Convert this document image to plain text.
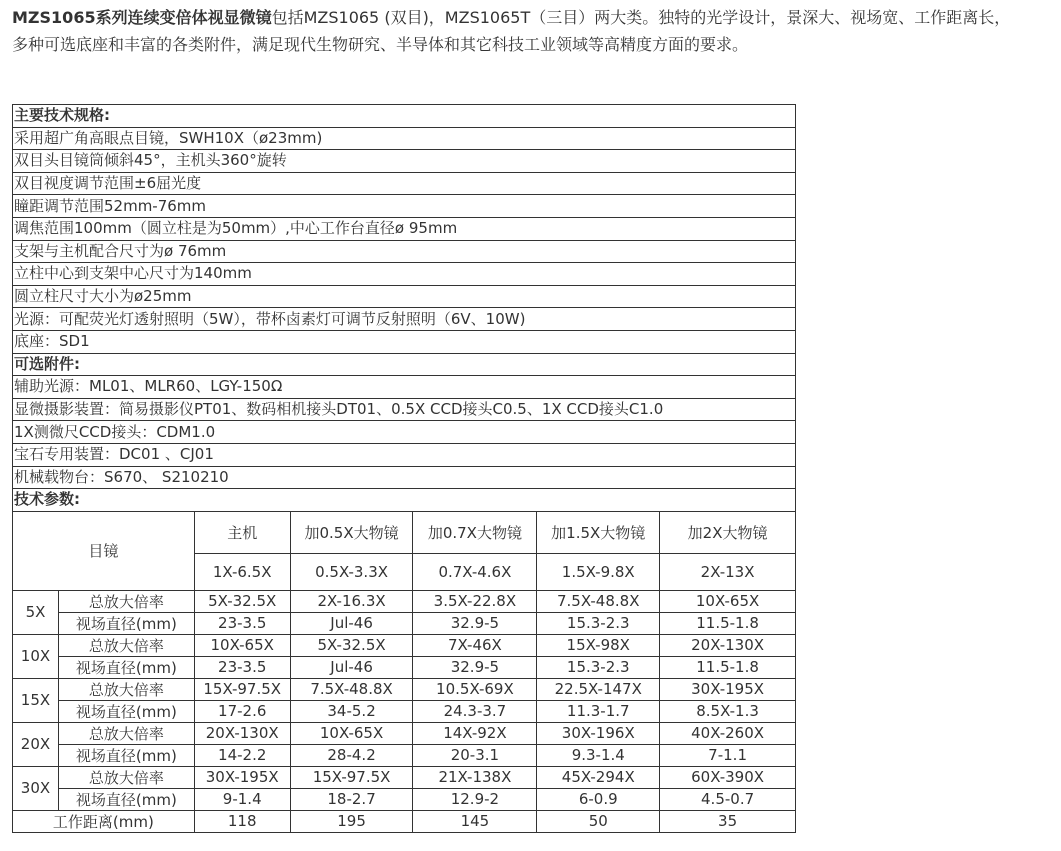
MZS1065系列连续变倍体视显微镜包括MZS1065 (双目)，MZS1065T（三目）两大类。独特的光学设计，景深大、视场宽、工作距离长，多种可选底座和丰富的各类附件，满足现代生物研究、半导体和其它科技工业领域等高精度方面的要求。
主要技术规格:						
采用超广角高眼点目镜，SWH10X（ø23mm)						
双目头目镜筒倾斜45°，主机头360°旋转						
双目视度调节范围±6屈光度						
瞳距调节范围52mm-76mm						
调焦范围100mm（圆立柱是为50mm）,中心工作台直径ø 95mm						
支架与主机配合尺寸为ø 76mm						
立柱中心到支架中心尺寸为140mm						
圆立柱尺寸大小为ø25mm						
光源：可配荧光灯透射照明（5W），带杯卤素灯可调节反射照明（6V、10W)						
底座：SD1						
可选附件:						
辅助光源：ML01、MLR60、LGY-150Ω						
显微摄影装置：简易摄影仪PT01、数码相机接头DT01、0.5X CCD接头C0.5、1X CCD接头C1.0						
1X测微尺CCD接头：CDM1.0						
宝石专用装置：DC01 、CJ01						
机械载物台：S670、 S210210						
技术参数:						
目镜		主机	加0.5X大物镜	加0.7X大物镜	加1.5X大物镜	加2X大物镜
		1X-6.5X	0.5X-3.3X	0.7X-4.6X	1.5X-9.8X	2X-13X
5X	总放大倍率	5X-32.5X	2X-16.3X	3.5X-22.8X	7.5X-48.8X	10X-65X
	视场直径(mm)	23-3.5	Jul-46	32.9-5	15.3-2.3	11.5-1.8
10X	总放大倍率	10X-65X	5X-32.5X	7X-46X	15X-98X	20X-130X
	视场直径(mm)	23-3.5	Jul-46	32.9-5	15.3-2.3	11.5-1.8
15X	总放大倍率	15X-97.5X	7.5X-48.8X	10.5X-69X	22.5X-147X	30X-195X
	视场直径(mm)	17-2.6	34-5.2	24.3-3.7	11.3-1.7	8.5X-1.3
20X	总放大倍率	20X-130X	10X-65X	14X-92X	30X-196X	40X-260X
	视场直径(mm)	14-2.2	28-4.2	20-3.1	9.3-1.4	7-1.1
30X	总放大倍率	30X-195X	15X-97.5X	21X-138X	45X-294X	60X-390X
	视场直径(mm)	9-1.4	18-2.7	12.9-2	6-0.9	4.5-0.7
工作距离(mm)		118	195	145	50	35
